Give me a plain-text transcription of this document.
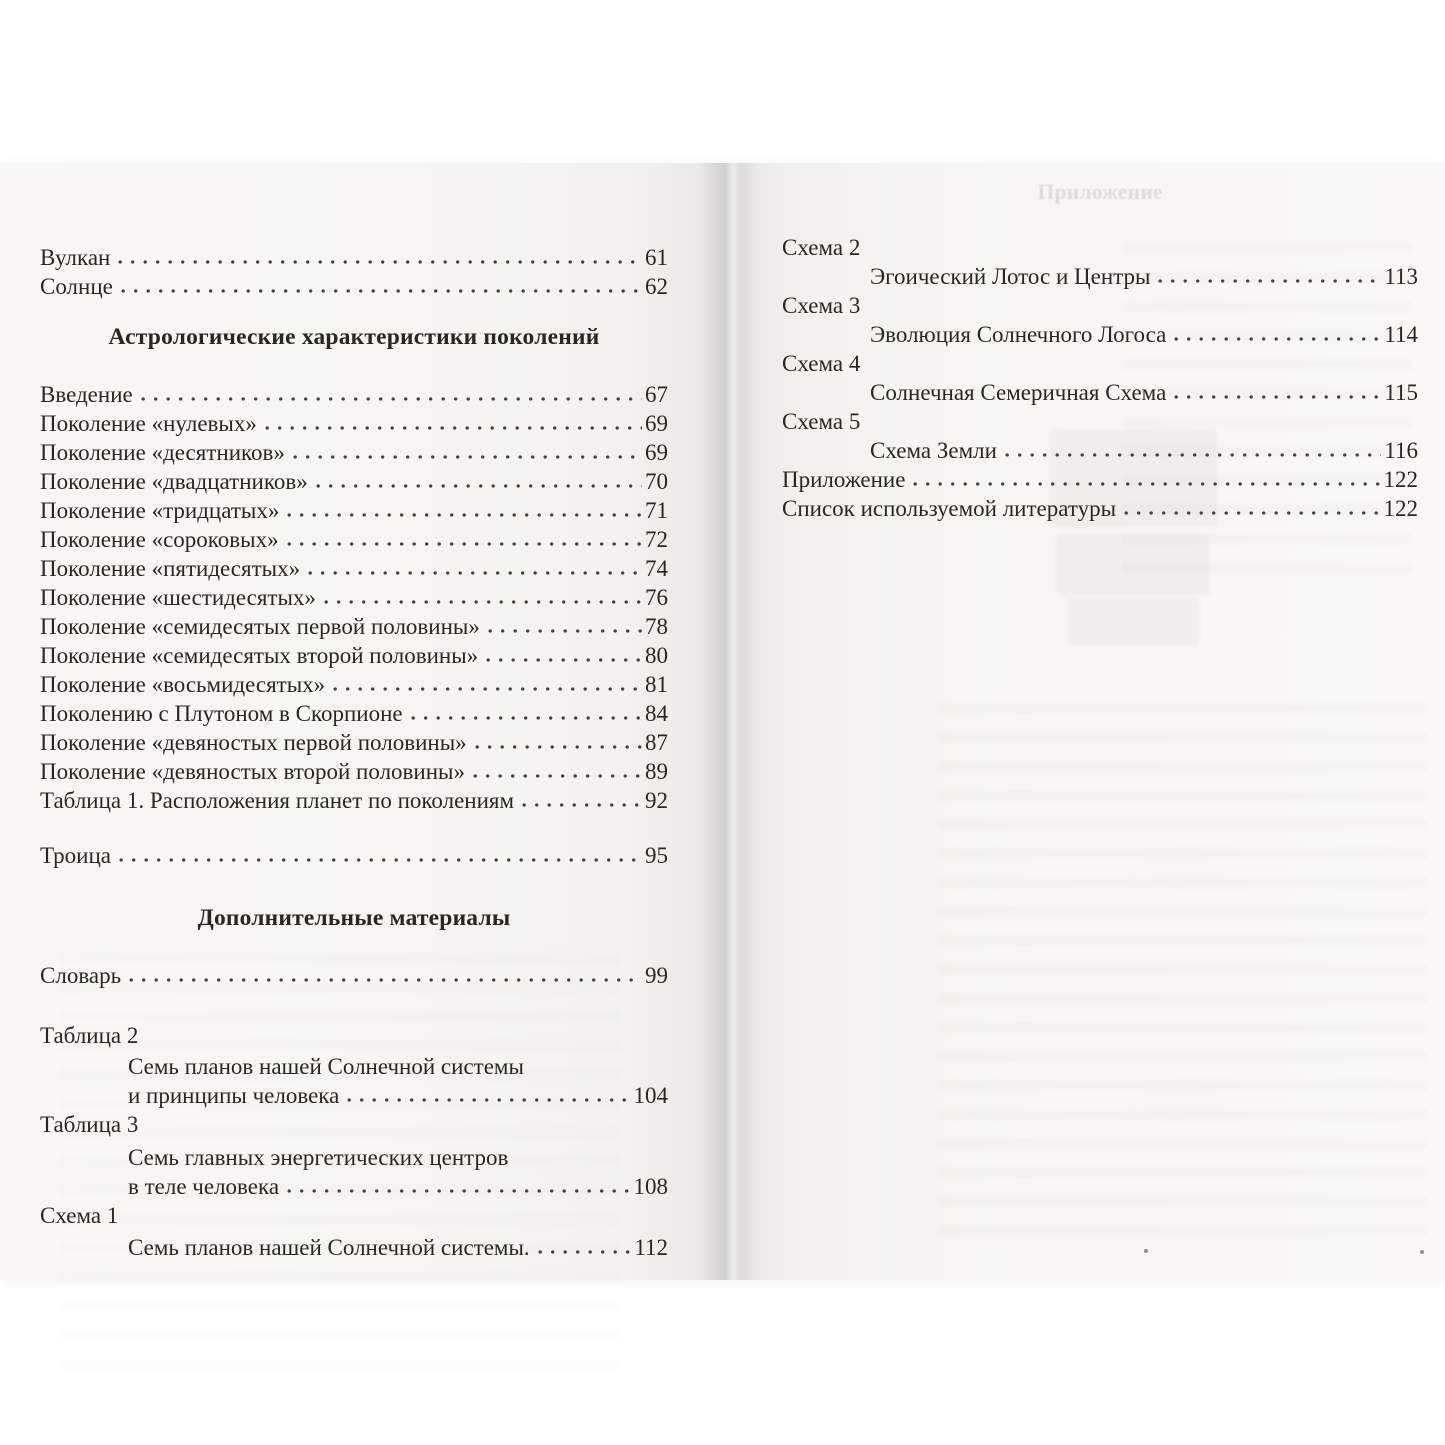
Вулкан	61
Солнце	62
Астрологические характеристики поколений
Введение	67
Поколение «нулевых»	69
Поколение «десятников»	69
Поколение «двадцатников»	70
Поколение «тридцатых»	71
Поколение «сороковых»	72
Поколение «пятидесятых»	74
Поколение «шестидесятых»	76
Поколение «семидесятых первой половины»	78
Поколение «семидесятых второй половины»	80
Поколение «восьмидесятых»	81
Поколению с Плутоном в Скорпионе	84
Поколение «девяностых первой половины»	87
Поколение «девяностых второй половины»	89
Таблица 1. Расположения планет по поколениям	92
Троица	95
Дополнительные материалы
Словарь	99
Таблица 2
Семь планов нашей Солнечной системы
и принципы человека	104
Таблица 3
Семь главных энергетических центров
в теле человека	108
Схема 1
Семь планов нашей Солнечной системы.	112
Приложение
Схема 2
Эгоический Лотос и Центры	113
Схема 3
Эволюция Солнечного Логоса	114
Схема 4
Солнечная Семеричная Схема	115
Схема 5
Схема Земли	116
Приложение	122
Список используемой литературы	122
